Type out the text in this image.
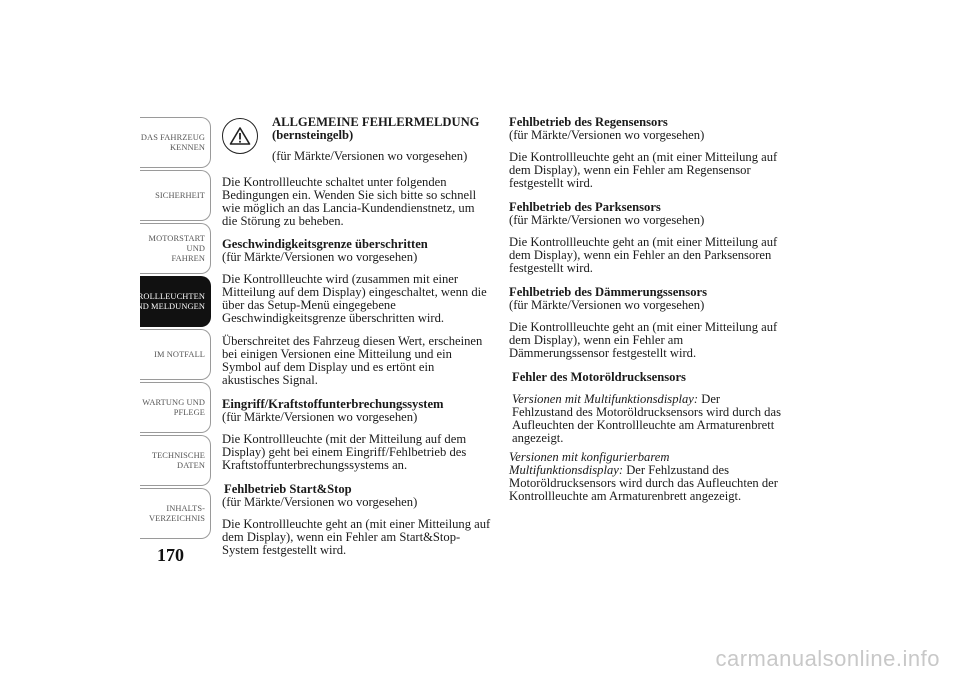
DAS FAHRZEUG
KENNEN
SICHERHEIT
MOTORSTART UND
FAHREN
KONTROLLLEUCHTEN
UND MELDUNGEN
IM NOTFALL
WARTUNG UND
PFLEGE
TECHNISCHE
DATEN
INHALTS-
VERZEICHNIS
170

ALLGEMEINE FEHLERMELDUNG

(bernsteingelb)

(für Märkte/Versionen wo vorgesehen)

Die Kontrollleuchte schaltet unter folgenden Bedingungen ein. Wenden Sie sich bitte so schnell wie möglich an das Lancia-Kundendienstnetz, um die Störung zu beheben.

Geschwindigkeitsgrenze überschritten

(für Märkte/Versionen wo vorgesehen)

Die Kontrollleuchte wird (zusammen mit einer Mitteilung auf dem Display) eingeschaltet, wenn die über das Setup-Menü eingegebene Geschwindigkeitsgrenze überschritten wird.

Überschreitet des Fahrzeug diesen Wert, erscheinen bei einigen Versionen eine Mitteilung und ein Symbol auf dem Display und es ertönt ein akustisches Signal.

Eingriff/Kraftstoffunterbrechungssystem

(für Märkte/Versionen wo vorgesehen)

Die Kontrollleuchte (mit der Mitteilung auf dem Display) geht bei einem Eingriff/Fehlbetrieb des Kraftstoffunterbrechungssystems an.

Fehlbetrieb Start&Stop

(für Märkte/Versionen wo vorgesehen)

Die Kontrollleuchte geht an (mit einer Mitteilung auf dem Display), wenn ein Fehler am Start&Stop-System festgestellt wird.

Fehlbetrieb des Regensensors

(für Märkte/Versionen wo vorgesehen)

Die Kontrollleuchte geht an (mit einer Mitteilung auf dem Display), wenn ein Fehler am Regensensor festgestellt wird.

Fehlbetrieb des Parksensors

(für Märkte/Versionen wo vorgesehen)

Die Kontrollleuchte geht an (mit einer Mitteilung auf dem Display), wenn ein Fehler an den Parksensoren festgestellt wird.

Fehlbetrieb des Dämmerungssensors

(für Märkte/Versionen wo vorgesehen)

Die Kontrollleuchte geht an (mit einer Mitteilung auf dem Display), wenn ein Fehler am Dämmerungssensor festgestellt wird.

Fehler des Motoröldrucksensors

Versionen mit Multifunktionsdisplay: Der Fehlzustand des Motoröldrucksensors wird durch das Aufleuchten der Kontrollleuchte am Armaturenbrett angezeigt.

Versionen mit konfigurierbarem Multifunktionsdisplay: Der Fehlzustand des Motoröldrucksensors wird durch das Aufleuchten der Kontrollleuchte am Armaturenbrett angezeigt.

carmanualsonline.info
